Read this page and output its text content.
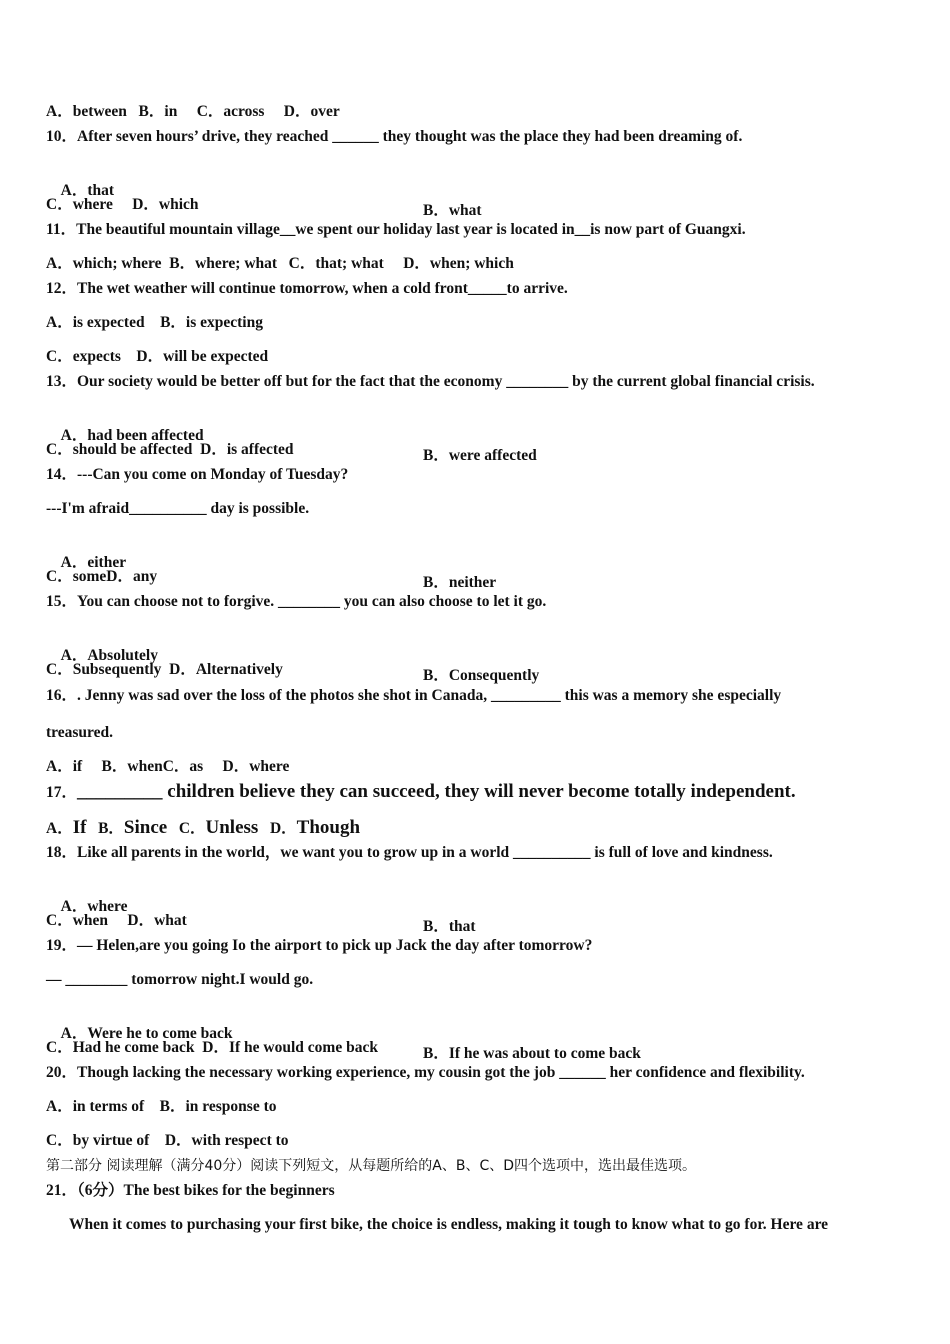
A．between   B．in     C．across     D．over
10．After seven hours’ drive, they reached ______ they thought was the place they had been dreaming of.

A．that

B．what

C．where     D．which
11．The beautiful mountain village__we spent our holiday last year is located in__is now part of Guangxi.
A．which; where  B．where; what   C．that; what     D．when; which
12．The wet weather will continue tomorrow, when a cold front_____to arrive.
A．is expected    B．is expecting
C．expects    D．will be expected
13．Our society would be better off but for the fact that the economy ________ by the current global financial crisis.

A．had been affected

B．were affected

C．should be affected  D．is affected
14．---Can you come on Monday of Tuesday?
---I'm afraid__________ day is possible.

A．either

B．neither

C．someD．any
15．You can choose not to forgive. ________ you can also choose to let it go.

A．Absolutely

B．Consequently

C．Subsequently  D．Alternatively
16．. Jenny was sad over the loss of the photos she shot in Canada, _________ this was a memory she especially
treasured.
A．if     B．whenC．as     D．where
17．_________ children believe they can succeed, they will never become totally independent.
A．If B．Since C．Unless D．Though
18．Like all parents in the world，we want you to grow up in a world __________ is full of love and kindness.

A．where

B．that

C．when     D．what
19．— Helen,are you going Io the airport to pick up Jack the day after tomorrow?
— ________ tomorrow night.I would go.

A．Were he to come back

B．If he was about to come back

C．Had he come back  D．If he would come back
20．Though lacking the necessary working experience, my cousin got the job ______ her confidence and flexibility.
A．in terms of    B．in response to
C．by virtue of    D．with respect to
第二部分 阅读理解（满分40分）阅读下列短文，从每题所给的A、B、C、D四个选项中，选出最佳选项。
21．（6分）The best bikes for the beginners
When it comes to purchasing your first bike, the choice is endless, making it tough to know what to go for. Here are
